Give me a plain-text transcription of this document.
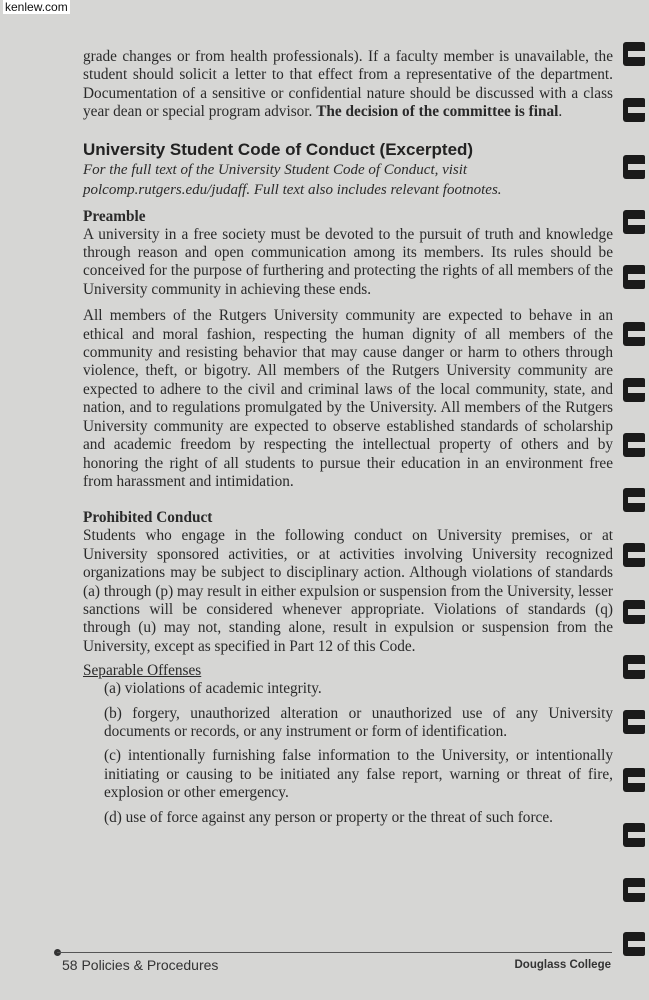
kenlew.com

grade changes or from health professionals). If a faculty member is unavailable, the student should solicit a letter to that effect from a representative of the department. Documentation of a sensitive or confidential nature should be discussed with a class year dean or special program advisor. The decision of the committee is final.

University Student Code of Conduct (Excerpted)

For the full text of the University Student Code of Conduct, visit polcomp.rutgers.edu/judaff. Full text also includes relevant footnotes.

Preamble

A university in a free society must be devoted to the pursuit of truth and knowledge through reason and open communication among its members. Its rules should be conceived for the purpose of furthering and protecting the rights of all members of the University community in achieving these ends.

All members of the Rutgers University community are expected to behave in an ethical and moral fashion, respecting the human dignity of all members of the community and resisting behavior that may cause danger or harm to others through violence, theft, or bigotry. All members of the Rutgers University community are expected to adhere to the civil and criminal laws of the local community, state, and nation, and to regulations promulgated by the University. All members of the Rutgers University community are expected to observe established standards of scholarship and academic freedom by respecting the intellectual property of others and by honoring the right of all students to pursue their education in an environment free from harassment and intimidation.

Prohibited Conduct

Students who engage in the following conduct on University premises, or at University sponsored activities, or at activities involving University recognized organizations may be subject to disciplinary action. Although violations of standards (a) through (p) may result in either expulsion or suspension from the University, lesser sanctions will be considered whenever appropriate. Violations of standards (q) through (u) may not, standing alone, result in expulsion or suspension from the University, except as specified in Part 12 of this Code.

Separable Offenses

(a) violations of academic integrity.

(b) forgery, unauthorized alteration or unauthorized use of any University documents or records, or any instrument or form of identification.

(c) intentionally furnishing false information to the University, or intentionally initiating or causing to be initiated any false report, warning or threat of fire, explosion or other emergency.

(d) use of force against any person or property or the threat of such force.

58 Policies & Procedures	Douglass College
